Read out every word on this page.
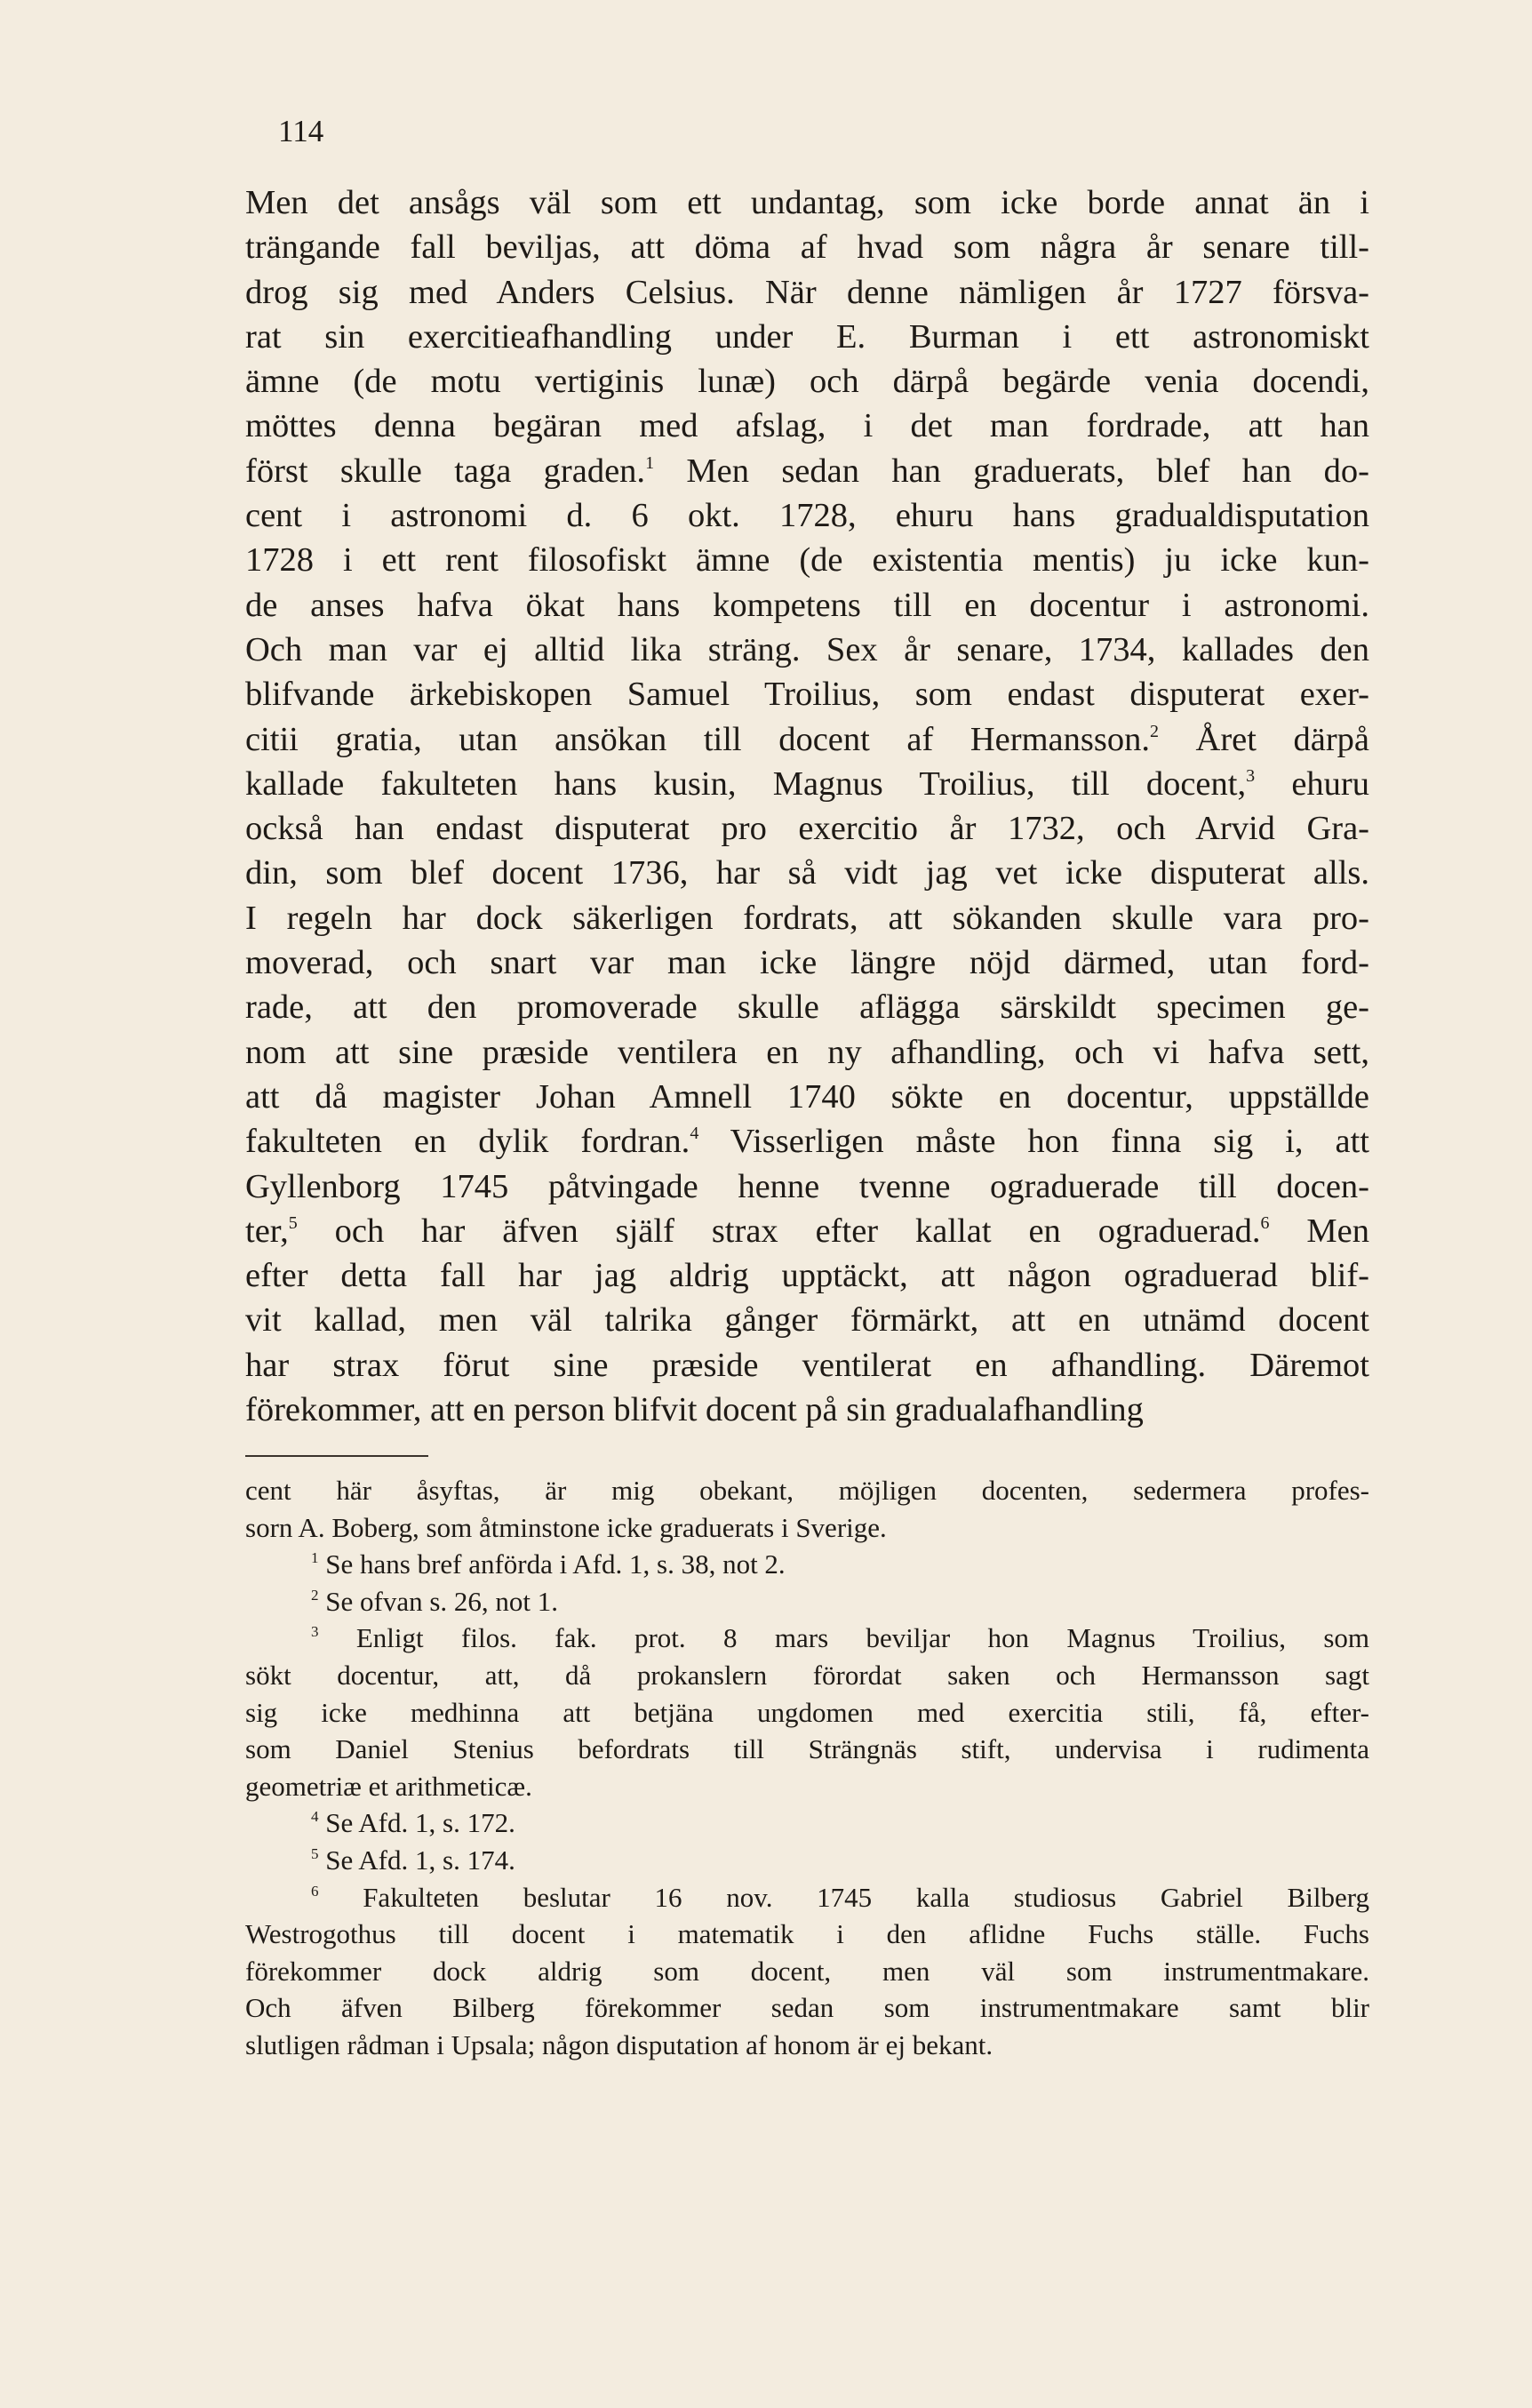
114
Men det ansågs väl som ett undantag, som icke borde annat än i
trängande fall beviljas, att döma af hvad som några år senare till-
drog sig med Anders Celsius. När denne nämligen år 1727 försva-
rat sin exercitieafhandling under E. Burman i ett astronomiskt
ämne (de motu vertiginis lunæ) och därpå begärde venia docendi,
möttes denna begäran med afslag, i det man fordrade, att han
först skulle taga graden.$^1$ Men sedan han graduerats, blef han do-
cent i astronomi d. 6 okt. 1728, ehuru hans gradualdisputation
1728 i ett rent filosofiskt ämne (de existentia mentis) ju icke kun-
de anses hafva ökat hans kompetens till en docentur i astronomi.
Och man var ej alltid lika sträng. Sex år senare, 1734, kallades den
blifvande ärkebiskopen Samuel Troilius, som endast disputerat exer-
citii gratia, utan ansökan till docent af Hermansson.$^2$ Året därpå
kallade fakulteten hans kusin, Magnus Troilius, till docent,$^3$ ehuru
också han endast disputerat pro exercitio år 1732, och Arvid Gra-
din, som blef docent 1736, har så vidt jag vet icke disputerat alls.
I regeln har dock säkerligen fordrats, att sökanden skulle vara pro-
moverad, och snart var man icke längre nöjd därmed, utan ford-
rade, att den promoverade skulle aflägga särskildt specimen ge-
nom att sine præside ventilera en ny afhandling, och vi hafva sett,
att då magister Johan Amnell 1740 sökte en docentur, uppställde
fakulteten en dylik fordran.$^4$ Visserligen måste hon finna sig i, att
Gyllenborg 1745 påtvingade henne tvenne ograduerade till docen-
ter,$^5$ och har äfven själf strax efter kallat en ograduerad.$^6$ Men
efter detta fall har jag aldrig upptäckt, att någon ograduerad blif-
vit kallad, men väl talrika gånger förmärkt, att en utnämd docent
har strax förut sine præside ventilerat en afhandling. Däremot
förekommer, att en person blifvit docent på sin gradualafhandling
cent här åsyftas, är mig obekant, möjligen docenten, sedermera profes-
sorn A. Boberg, som åtminstone icke graduerats i Sverige.
$^1$ Se hans bref anförda i Afd. 1, s. 38, not 2.
$^2$ Se ofvan s. 26, not 1.
$^3$ Enligt filos. fak. prot. 8 mars beviljar hon Magnus Troilius, som
sökt docentur, att, då prokanslern förordat saken och Hermansson sagt
sig icke medhinna att betjäna ungdomen med exercitia stili, få, efter-
som Daniel Stenius befordrats till Strängnäs stift, undervisa i rudimenta
geometriæ et arithmeticæ.
$^4$ Se Afd. 1, s. 172.
$^5$ Se Afd. 1, s. 174.
$^6$ Fakulteten beslutar 16 nov. 1745 kalla studiosus Gabriel Bilberg
Westrogothus till docent i matematik i den aflidne Fuchs ställe. Fuchs
förekommer dock aldrig som docent, men väl som instrumentmakare.
Och äfven Bilberg förekommer sedan som instrumentmakare samt blir
slutligen rådman i Upsala; någon disputation af honom är ej bekant.
